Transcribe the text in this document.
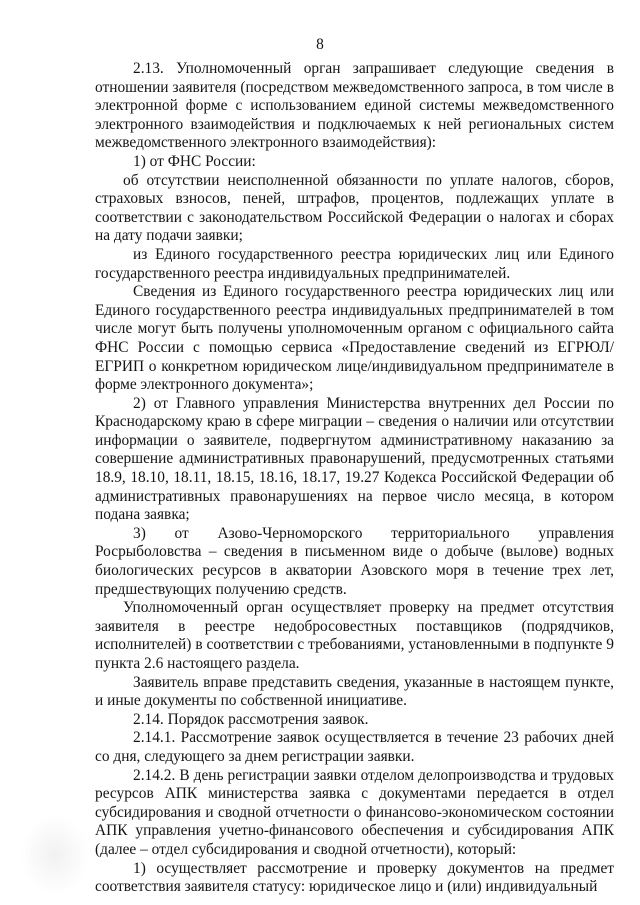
8

2.13. Уполномоченный орган запрашивает следующие сведения в отношении заявителя (посредством межведомственного запроса, в том числе в электронной форме с использованием единой системы межведомственного электронного взаимодействия и подключаемых к ней региональных систем межведомственного электронного взаимодействия):

1) от ФНС России:

об отсутствии неисполненной обязанности по уплате налогов, сборов, страховых взносов, пеней, штрафов, процентов, подлежащих уплате в соответствии с законодательством Российской Федерации о налогах и сборах на дату подачи заявки;

из Единого государственного реестра юридических лиц или Единого государственного реестра индивидуальных предпринимателей.

Сведения из Единого государственного реестра юридических лиц или Единого государственного реестра индивидуальных предпринимателей в том числе могут быть получены уполномоченным органом с официального сайта ФНС России с помощью сервиса «Предоставление сведений из ЕГРЮЛ/ЕГРИП о конкретном юридическом лице/индивидуальном предпринимателе в форме электронного документа»;

2) от Главного управления Министерства внутренних дел России по Краснодарскому краю в сфере миграции – сведения о наличии или отсутствии информации о заявителе, подвергнутом административному наказанию за совершение административных правонарушений, предусмотренных статьями 18.9, 18.10, 18.11, 18.15, 18.16, 18.17, 19.27 Кодекса Российской Федерации об административных правонарушениях на первое число месяца, в котором подана заявка;

3) от Азово-Черноморского территориального управления Росрыболовства – сведения в письменном виде о добыче (вылове) водных биологических ресурсов в акватории Азовского моря в течение трех лет, предшествующих получению средств.

Уполномоченный орган осуществляет проверку на предмет отсутствия заявителя в реестре недобросовестных поставщиков (подрядчиков, исполнителей) в соответствии с требованиями, установленными в подпункте 9 пункта 2.6 настоящего раздела.

Заявитель вправе представить сведения, указанные в настоящем пункте, и иные документы по собственной инициативе.

2.14. Порядок рассмотрения заявок.

2.14.1. Рассмотрение заявок осуществляется в течение 23 рабочих дней со дня, следующего за днем регистрации заявки.

2.14.2. В день регистрации заявки отделом делопроизводства и трудовых ресурсов АПК министерства заявка с документами передается в отдел субсидирования и сводной отчетности о финансово-экономическом состоянии АПК управления учетно-финансового обеспечения и субсидирования АПК (далее – отдел субсидирования и сводной отчетности), который:

1) осуществляет рассмотрение и проверку документов на предмет соответствия заявителя статусу: юридическое лицо и (или) индивидуальный
